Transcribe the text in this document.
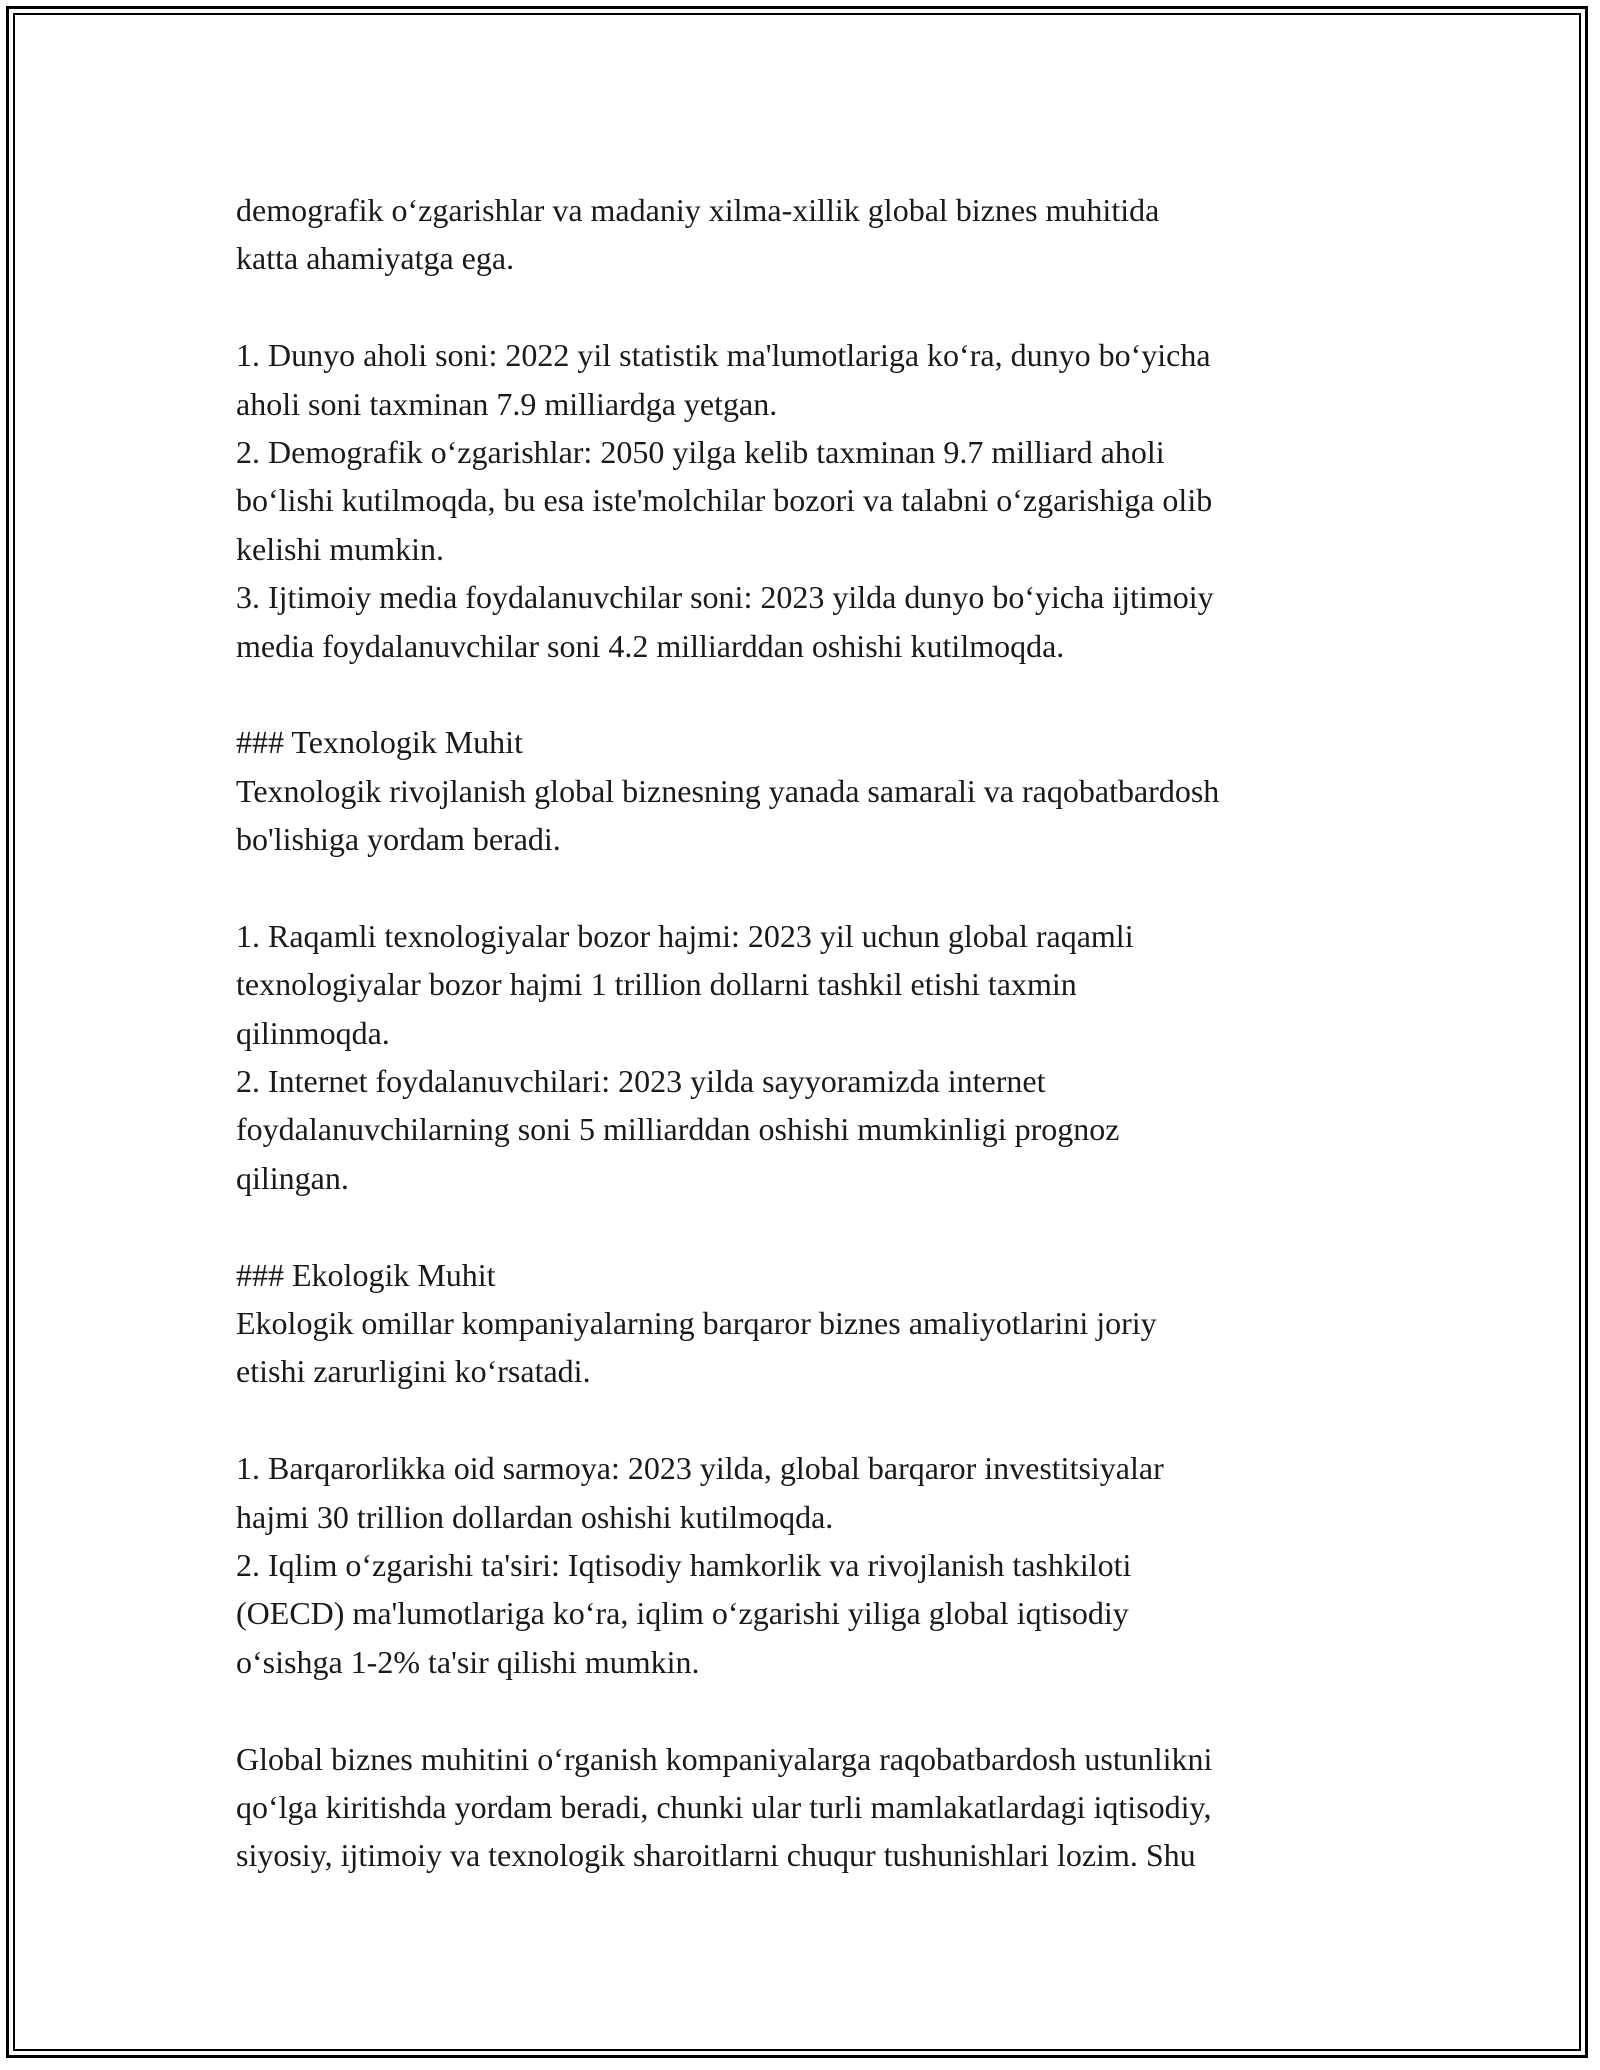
demografik o‘zgarishlar va madaniy xilma-xillik global biznes muhitida
katta ahamiyatga ega.
1. Dunyo aholi soni: 2022 yil statistik ma'lumotlariga ko‘ra, dunyo bo‘yicha
aholi soni taxminan 7.9 milliardga yetgan.
2. Demografik o‘zgarishlar: 2050 yilga kelib taxminan 9.7 milliard aholi
bo‘lishi kutilmoqda, bu esa iste'molchilar bozori va talabni o‘zgarishiga olib
kelishi mumkin.
3. Ijtimoiy media foydalanuvchilar soni: 2023 yilda dunyo bo‘yicha ijtimoiy
media foydalanuvchilar soni 4.2 milliarddan oshishi kutilmoqda.
### Texnologik Muhit
Texnologik rivojlanish global biznesning yanada samarali va raqobatbardosh
bo'lishiga yordam beradi.
1. Raqamli texnologiyalar bozor hajmi: 2023 yil uchun global raqamli
texnologiyalar bozor hajmi 1 trillion dollarni tashkil etishi taxmin
qilinmoqda.
2. Internet foydalanuvchilari: 2023 yilda sayyoramizda internet
foydalanuvchilarning soni 5 milliarddan oshishi mumkinligi prognoz
qilingan.
### Ekologik Muhit
Ekologik omillar kompaniyalarning barqaror biznes amaliyotlarini joriy
etishi zarurligini ko‘rsatadi.
1. Barqarorlikka oid sarmoya: 2023 yilda, global barqaror investitsiyalar
hajmi 30 trillion dollardan oshishi kutilmoqda.
2. Iqlim o‘zgarishi ta'siri: Iqtisodiy hamkorlik va rivojlanish tashkiloti
(OECD) ma'lumotlariga ko‘ra, iqlim o‘zgarishi yiliga global iqtisodiy
o‘sishga 1-2% ta'sir qilishi mumkin.
Global biznes muhitini o‘rganish kompaniyalarga raqobatbardosh ustunlikni
qo‘lga kiritishda yordam beradi, chunki ular turli mamlakatlardagi iqtisodiy,
siyosiy, ijtimoiy va texnologik sharoitlarni chuqur tushunishlari lozim. Shu
